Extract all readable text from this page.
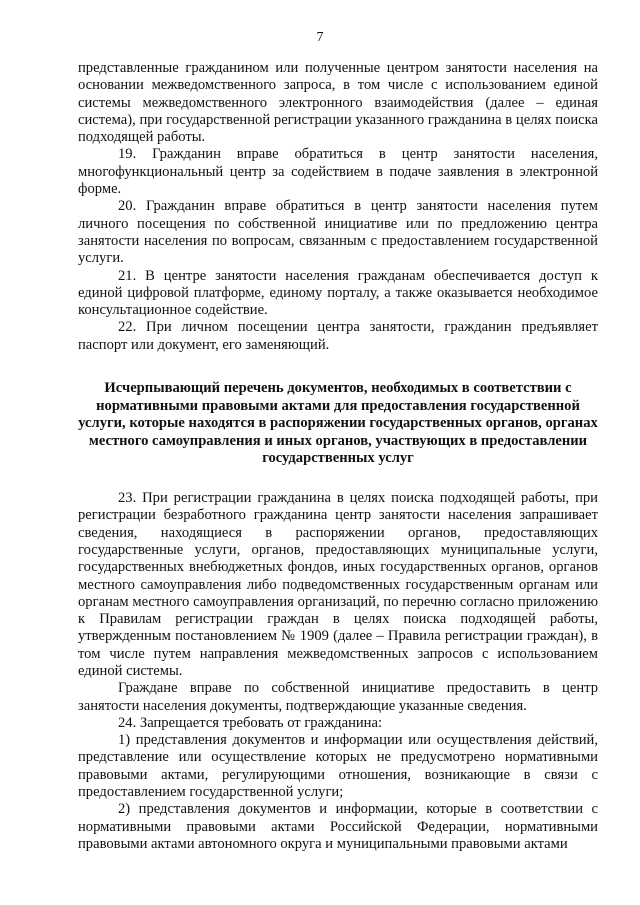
7

представленные гражданином или полученные центром занятости населения на основании межведомственного запроса, в том числе с использованием единой системы межведомственного электронного взаимодействия (далее – единая система), при государственной регистрации указанного гражданина в целях поиска подходящей работы.

19. Гражданин вправе обратиться в центр занятости населения, многофункциональный центр за содействием в подаче заявления в электронной форме.

20. Гражданин вправе обратиться в центр занятости населения путем личного посещения по собственной инициативе или по предложению центра занятости населения по вопросам, связанным с предоставлением государственной услуги.

21. В центре занятости населения гражданам обеспечивается доступ к единой цифровой платформе, единому порталу, а также оказывается необходимое консультационное содействие.

22. При личном посещении центра занятости, гражданин предъявляет паспорт или документ, его заменяющий.

Исчерпывающий перечень документов, необходимых в соответствии с нормативными правовыми актами для предоставления государственной услуги, которые находятся в распоряжении государственных органов, органах местного самоуправления и иных органов, участвующих в предоставлении государственных услуг

23. При регистрации гражданина в целях поиска подходящей работы, при регистрации безработного гражданина центр занятости населения запрашивает сведения, находящиеся в распоряжении органов, предоставляющих государственные услуги, органов, предоставляющих муниципальные услуги, государственных внебюджетных фондов, иных государственных органов, органов местного самоуправления либо подведомственных государственным органам или органам местного самоуправления организаций, по перечню согласно приложению к Правилам регистрации граждан в целях поиска подходящей работы, утвержденным постановлением № 1909 (далее – Правила регистрации граждан), в том числе путем направления межведомственных запросов с использованием единой системы.

Граждане вправе по собственной инициативе предоставить в центр занятости населения документы, подтверждающие указанные сведения.

24. Запрещается требовать от гражданина:

1) представления документов и информации или осуществления действий, представление или осуществление которых не предусмотрено нормативными правовыми актами, регулирующими отношения, возникающие в связи с предоставлением государственной услуги;

2) представления документов и информации, которые в соответствии с нормативными правовыми актами Российской Федерации, нормативными правовыми актами автономного округа и муниципальными правовыми актами
